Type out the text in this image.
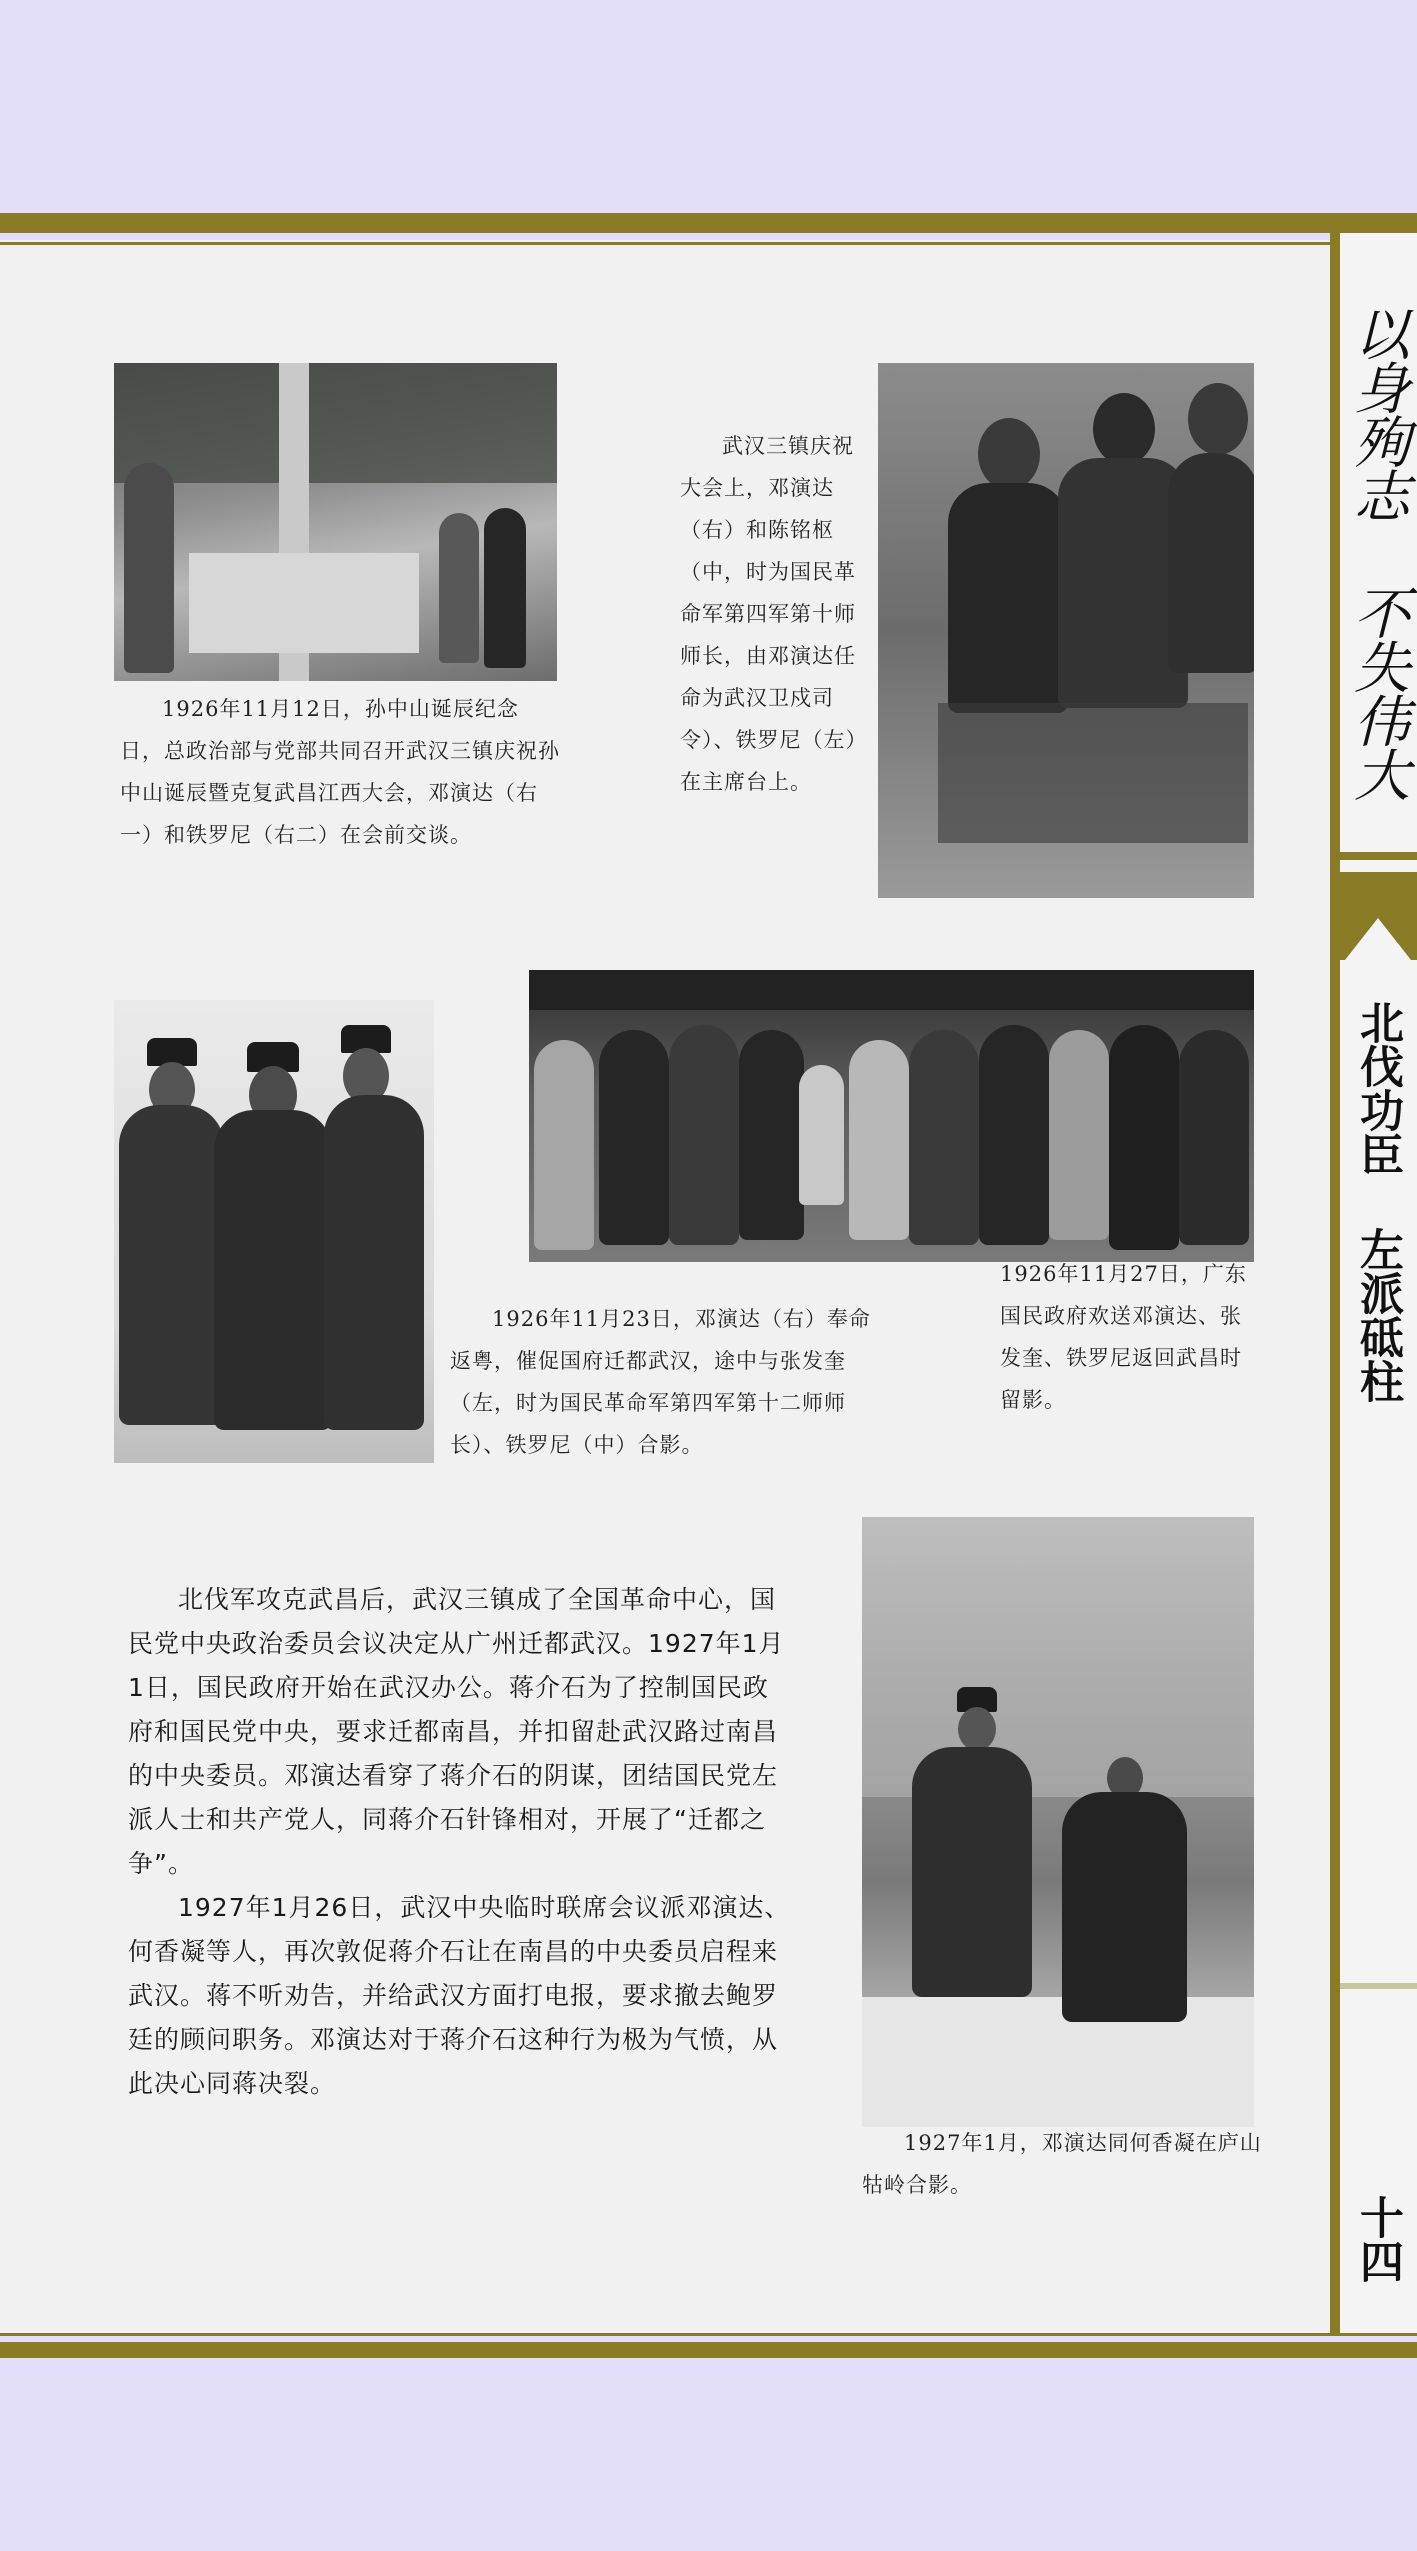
以身殉志 不失伟大
北伐功臣 左派砥柱
十四
1926年11月12日，孙中山诞辰纪念日，总政治部与党部共同召开武汉三镇庆祝孙中山诞辰暨克复武昌江西大会，邓演达（右一）和铁罗尼（右二）在会前交谈。
武汉三镇庆祝大会上，邓演达（右）和陈铭枢（中，时为国民革命军第四军第十师师长，由邓演达任命为武汉卫戍司令）、铁罗尼（左）在主席台上。
1926年11月23日，邓演达（右）奉命返粤，催促国府迁都武汉，途中与张发奎（左，时为国民革命军第四军第十二师师长）、铁罗尼（中）合影。
1926年11月27日，广东国民政府欢送邓演达、张发奎、铁罗尼返回武昌时留影。

北伐军攻克武昌后，武汉三镇成了全国革命中心，国民党中央政治委员会议决定从广州迁都武汉。1927年1月1日，国民政府开始在武汉办公。蒋介石为了控制国民政府和国民党中央，要求迁都南昌，并扣留赴武汉路过南昌的中央委员。邓演达看穿了蒋介石的阴谋，团结国民党左派人士和共产党人，同蒋介石针锋相对，开展了“迁都之争”。

1927年1月26日，武汉中央临时联席会议派邓演达、何香凝等人，再次敦促蒋介石让在南昌的中央委员启程来武汉。蒋不听劝告，并给武汉方面打电报，要求撤去鲍罗廷的顾问职务。邓演达对于蒋介石这种行为极为气愤，从此决心同蒋决裂。

1927年1月，邓演达同何香凝在庐山牯岭合影。
